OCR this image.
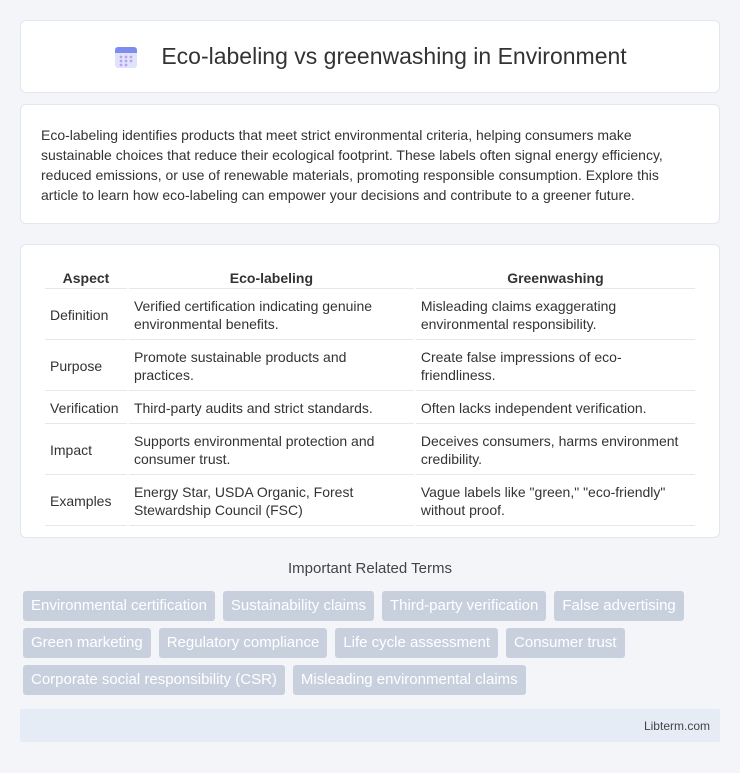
Eco-labeling vs greenwashing in Environment

Eco-labeling identifies products that meet strict environmental criteria, helping consumers make sustainable choices that reduce their ecological footprint. These labels often signal energy efficiency, reduced emissions, or use of renewable materials, promoting responsible consumption. Explore this article to learn how eco-labeling can empower your decisions and contribute to a greener future.

Aspect	Eco-labeling	Greenwashing
Definition	Verified certification indicating genuine environmental benefits.	Misleading claims exaggerating environmental responsibility.
Purpose	Promote sustainable products and practices.	Create false impressions of eco-friendliness.
Verification	Third-party audits and strict standards.	Often lacks independent verification.
Impact	Supports environmental protection and consumer trust.	Deceives consumers, harms environment credibility.
Examples	Energy Star, USDA Organic, Forest Stewardship Council (FSC)	Vague labels like "green," "eco-friendly" without proof.
Important Related Terms
Environmental certification	Sustainability claims	Third-party verification	False advertising
Green marketing	Regulatory compliance	Life cycle assessment	Consumer trust
Corporate social responsibility (CSR)	Misleading environmental claims
Libterm.com
